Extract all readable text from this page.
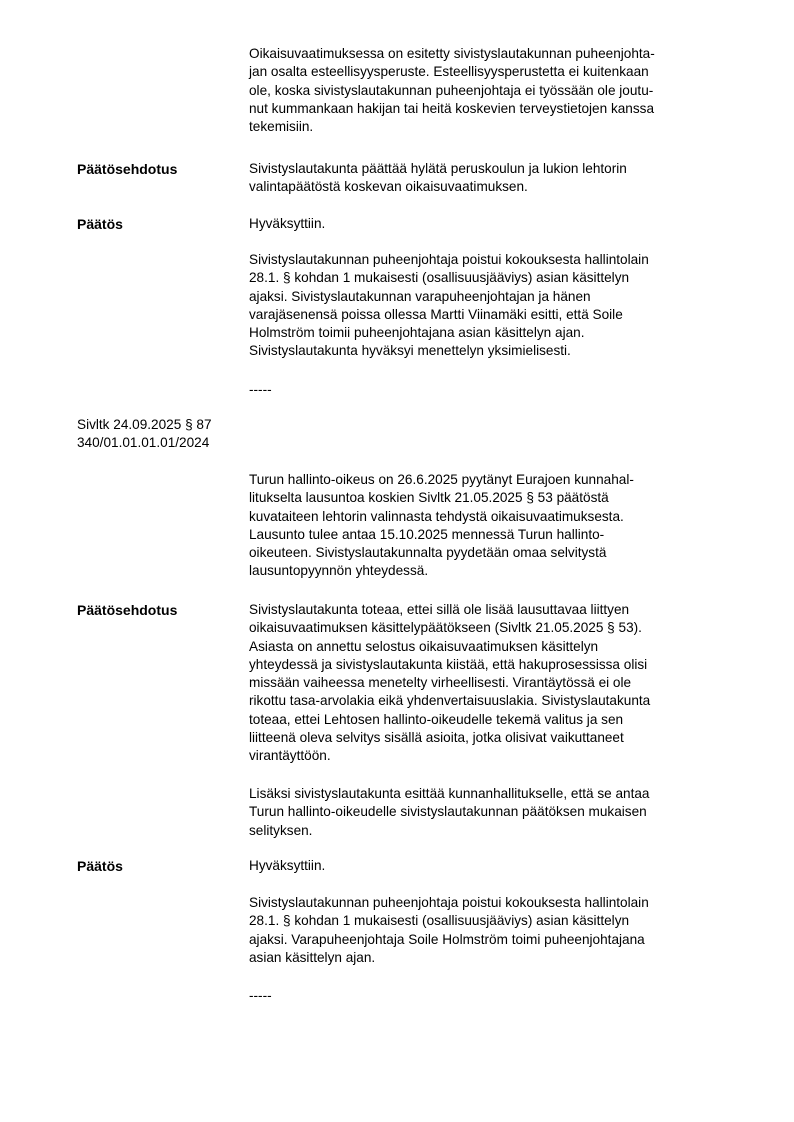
Oikaisuvaatimuksessa on esitetty sivistyslautakunnan puheenjohta-
jan osalta esteellisyysperuste. Esteellisyysperustetta ei kuitenkaan
ole, koska sivistyslautakunnan puheenjohtaja ei työssään ole joutu-
nut kummankaan hakijan tai heitä koskevien terveystietojen kanssa
tekemisiin.
Päätösehdotus	Sivistyslautakunta päättää hylätä peruskoulun ja lukion lehtorin
valintapäätöstä koskevan oikaisuvaatimuksen.
Päätös	Hyväksyttiin.
Sivistyslautakunnan puheenjohtaja poistui kokouksesta hallintolain
28.1. § kohdan 1 mukaisesti (osallisuusjääviys) asian käsittelyn
ajaksi. Sivistyslautakunnan varapuheenjohtajan ja hänen
varajäsenensä poissa ollessa Martti Viinamäki esitti, että Soile
Holmström toimii puheenjohtajana asian käsittelyn ajan.
Sivistyslautakunta hyväksyi menettelyn yksimielisesti.
-----
Sivltk 24.09.2025 § 87
340/01.01.01.01/2024
Turun hallinto-oikeus on 26.6.2025 pyytänyt Eurajoen kunnahal-
litukselta lausuntoa koskien Sivltk 21.05.2025 § 53 päätöstä
kuvataiteen lehtorin valinnasta tehdystä oikaisuvaatimuksesta.
Lausunto tulee antaa 15.10.2025 mennessä Turun hallinto-
oikeuteen. Sivistyslautakunnalta pyydetään omaa selvitystä
lausuntopyynnön yhteydessä.
Päätösehdotus	Sivistyslautakunta toteaa, ettei sillä ole lisää lausuttavaa liittyen
oikaisuvaatimuksen käsittelypäätökseen (Sivltk 21.05.2025 § 53).
Asiasta on annettu selostus oikaisuvaatimuksen käsittelyn
yhteydessä ja sivistyslautakunta kiistää, että hakuprosessissa olisi
missään vaiheessa menetelty virheellisesti. Virantäytössä ei ole
rikottu tasa-arvolakia eikä yhdenvertaisuuslakia. Sivistyslautakunta
toteaa, ettei Lehtosen hallinto-oikeudelle tekemä valitus ja sen
liitteenä oleva selvitys sisällä asioita, jotka olisivat vaikuttaneet
virantäyttöön.
Lisäksi sivistyslautakunta esittää kunnanhallitukselle, että se antaa
Turun hallinto-oikeudelle sivistyslautakunnan päätöksen mukaisen
selityksen.
Päätös	Hyväksyttiin.
Sivistyslautakunnan puheenjohtaja poistui kokouksesta hallintolain
28.1. § kohdan 1 mukaisesti (osallisuusjääviys) asian käsittelyn
ajaksi. Varapuheenjohtaja Soile Holmström toimi puheenjohtajana
asian käsittelyn ajan.
-----
